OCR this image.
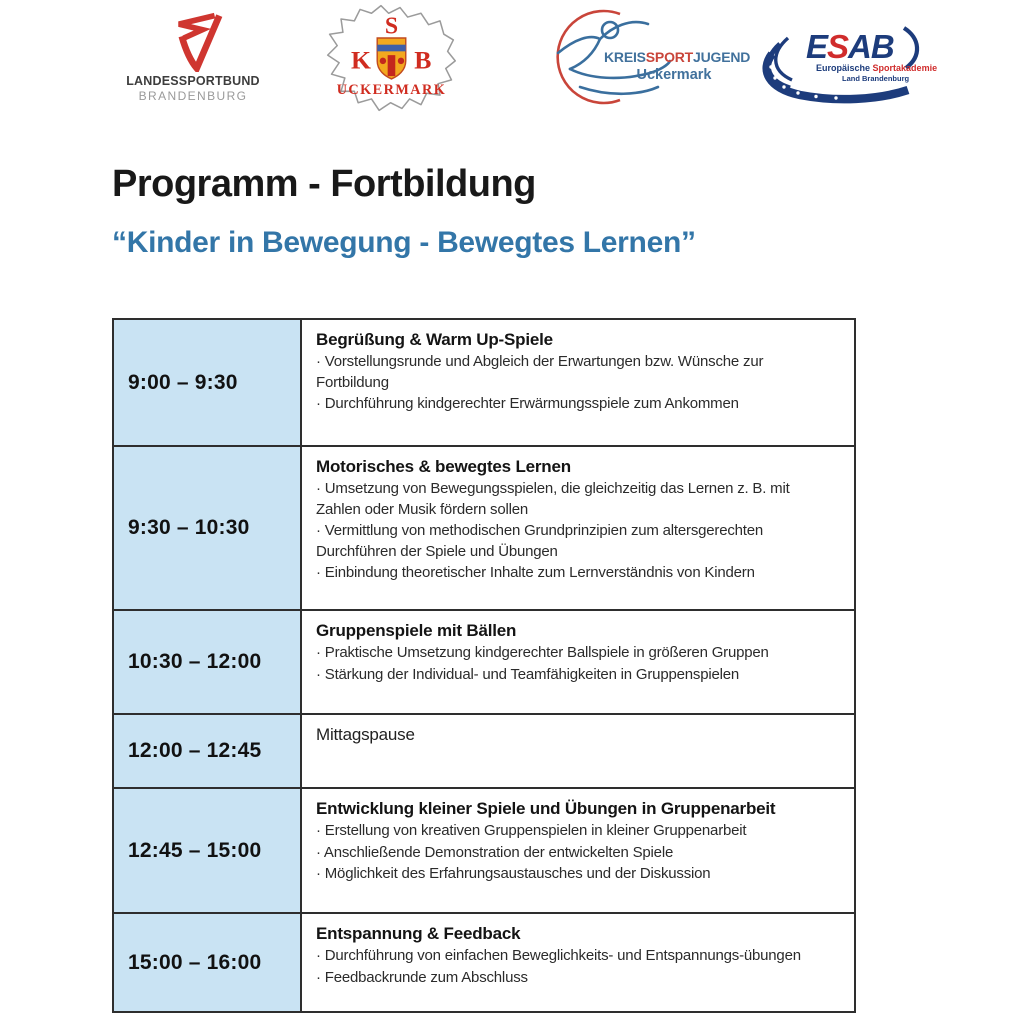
LANDESSPORTBUND
BRANDENBURG
S
K B
UCKERMARK
KREISSPORTJUGEND
Uckermark
ESAB
Europäische Sportakademie
Land Brandenburg
Programm - Fortbildung
“Kinder in Bewegung - Bewegtes Lernen”
9:00 – 9:30
Begrüßung & Warm Up-Spiele
· Vorstellungsrunde und Abgleich der Erwartungen bzw. Wünsche zur Fortbildung
· Durchführung kindgerechter Erwärmungsspiele zum Ankommen
9:30 – 10:30
Motorisches & bewegtes Lernen
· Umsetzung von Bewegungsspielen, die gleichzeitig das Lernen z. B. mit Zahlen oder Musik fördern sollen
· Vermittlung von methodischen Grundprinzipien zum altersgerechten Durchführen der Spiele und Übungen
· Einbindung theoretischer Inhalte zum Lernverständnis von Kindern
10:30 – 12:00
Gruppenspiele mit Bällen
· Praktische Umsetzung kindgerechter Ballspiele in größeren Gruppen
· Stärkung der Individual- und Teamfähigkeiten in Gruppenspielen
12:00 – 12:45
Mittagspause
12:45 – 15:00
Entwicklung kleiner Spiele und Übungen in Gruppenarbeit
· Erstellung von kreativen Gruppenspielen in kleiner Gruppenarbeit
· Anschließende Demonstration der entwickelten Spiele
· Möglichkeit des Erfahrungsaustausches und der Diskussion
15:00 – 16:00
Entspannung & Feedback
· Durchführung von einfachen Beweglichkeits- und Entspannungs-übungen
· Feedbackrunde zum Abschluss
